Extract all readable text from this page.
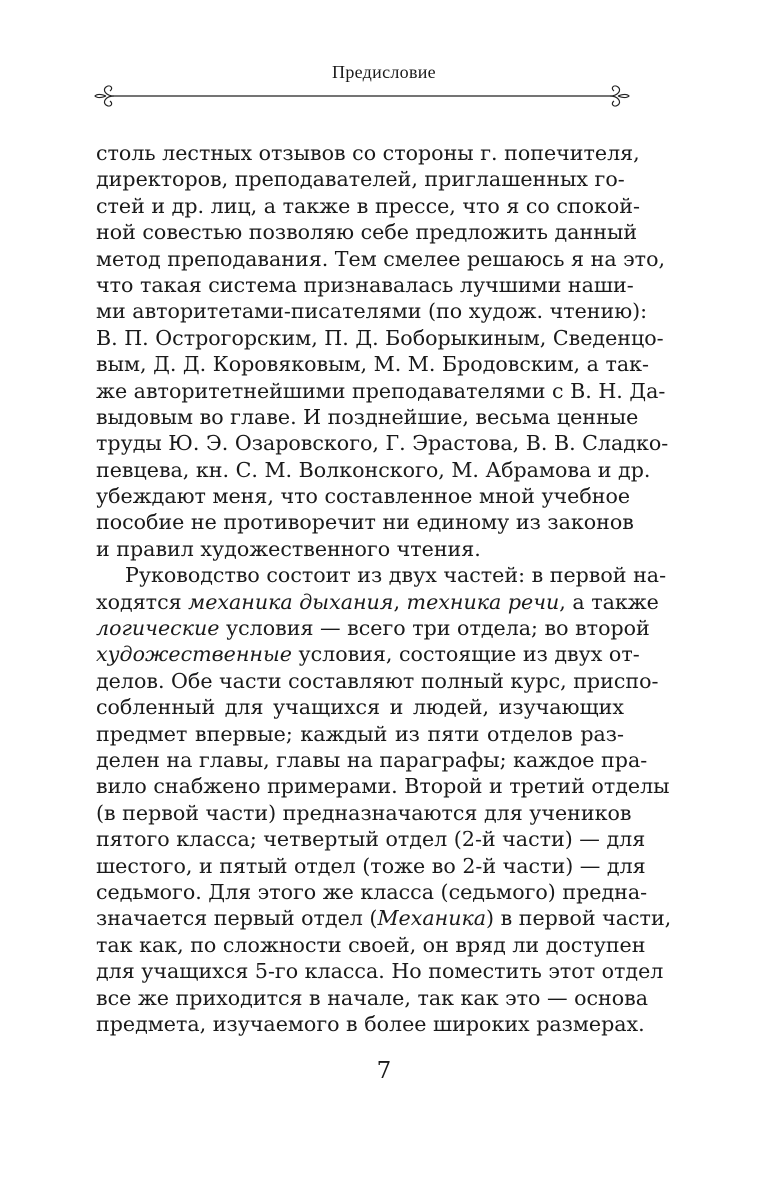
Предисловие
столь лестных отзывов со стороны г. попечителя,
директоров, преподавателей, приглашенных го-
стей и др. лиц, а также в прессе, что я со спокой-
ной совестью позволяю себе предложить данный
метод преподавания. Тем смелее решаюсь я на это,
что такая система признавалась лучшими наши-
ми авторитетами-писателями (по худож. чтению):
В. П. Острогорским, П. Д. Боборыкиным, Сведенцо-
вым, Д. Д. Коровяковым, М. М. Бродовским, а так-
же авторитетнейшими преподавателями с В. Н. Да-
выдовым во главе. И позднейшие, весьма ценные
труды Ю. Э. Озаровского, Г. Эрастова, В. В. Сладко-
певцева, кн. С. М. Волконского, М. Абрамова и др.
убеждают меня, что составленное мной учебное
пособие не противоречит ни единому из законов
и правил художественного чтения.
Руководство состоит из двух частей: в первой на-
ходятся механика дыхания, техника речи, а также
логические условия — всего три отдела; во второй
художественные условия, состоящие из двух от-
делов. Обе части составляют полный курс, приспо-
собленный для учащихся и людей, изучающих
предмет впервые; каждый из пяти отделов раз-
делен на главы, главы на параграфы; каждое пра-
вило снабжено примерами. Второй и третий отделы
(в первой части) предназначаются для учеников
пятого класса; четвертый отдел (2-й части) — для
шестого, и пятый отдел (тоже во 2-й части) — для
седьмого. Для этого же класса (седьмого) предна-
значается первый отдел (Механика) в первой части,
так как, по сложности своей, он вряд ли доступен
для учащихся 5-го класса. Но поместить этот отдел
все же приходится в начале, так как это — основа
предмета, изучаемого в более широких размерах.
7
